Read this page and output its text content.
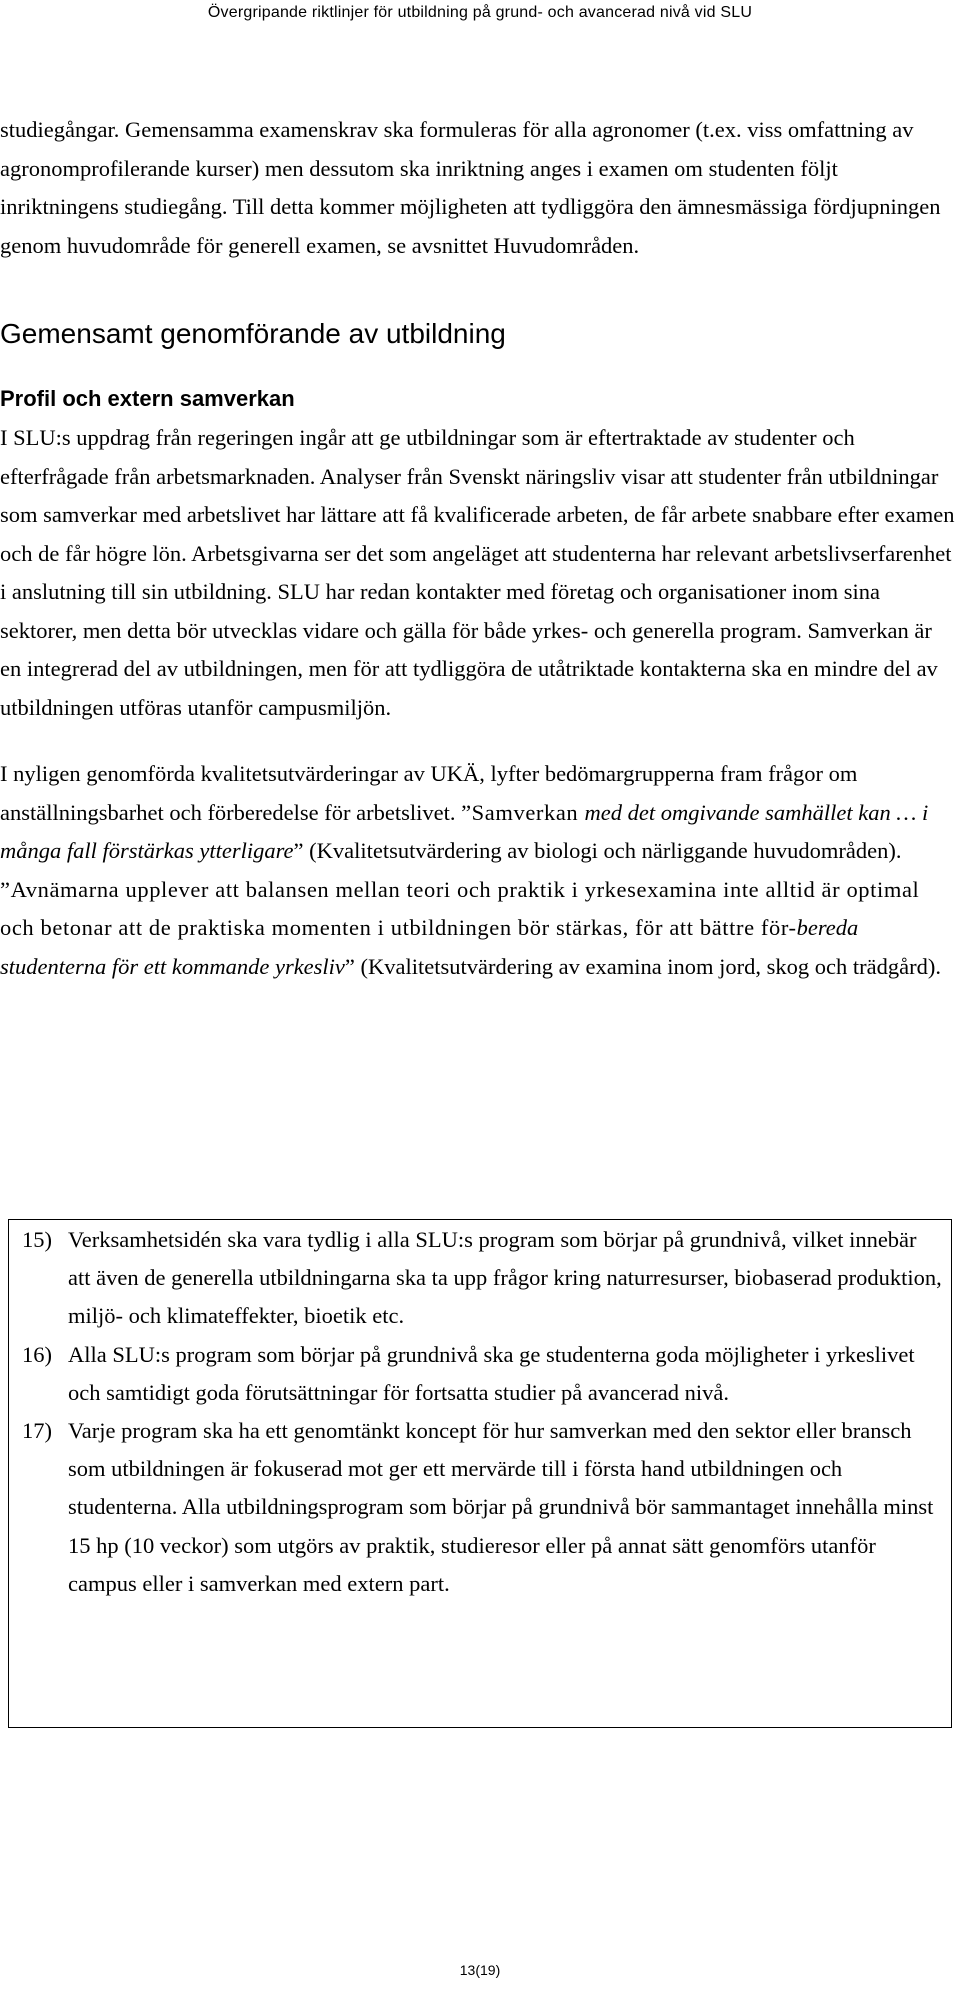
Övergripande riktlinjer för utbildning på grund- och avancerad nivå vid SLU

studiegångar. Gemensamma examenskrav ska formuleras för alla agronomer (t.ex. viss omfattning av agronomprofilerande kurser) men dessutom ska inriktning anges i examen om studenten följt inriktningens studiegång. Till detta kommer möjligheten att tydliggöra den ämnesmässiga fördjupningen genom huvudområde för generell examen, se avsnittet Huvudområden.

Gemensamt genomförande av utbildning
Profil och extern samverkan

I SLU:s uppdrag från regeringen ingår att ge utbildningar som är eftertraktade av studenter och efterfrågade från arbetsmarknaden. Analyser från Svenskt näringsliv visar att studenter från utbildningar som samverkar med arbetslivet har lättare att få kvalificerade arbeten, de får arbete snabbare efter examen och de får högre lön. Arbetsgivarna ser det som angeläget att studenterna har relevant arbetslivserfarenhet i anslutning till sin utbildning. SLU har redan kontakter med företag och organisationer inom sina sektorer, men detta bör utvecklas vidare och gälla för både yrkes- och generella program. Samverkan är en integrerad del av utbildningen, men för att tydliggöra de utåtriktade kontakterna ska en mindre del av utbildningen utföras utanför campusmiljön.

I nyligen genomförda kvalitetsutvärderingar av UKÄ, lyfter bedömargrupperna fram frågor om anställningsbarhet och förberedelse för arbetslivet. ”Samverkan med det omgivande samhället kan … i många fall förstärkas ytterligare” (Kvalitetsutvärdering av biologi och närliggande huvudområden). ”Avnämarna upplever att balansen mellan teori och praktik i yrkesexamina inte alltid är optimal och betonar att de praktiska momenten i utbildningen bör stärkas, för att bättre för-bereda studenterna för ett kommande yrkesliv” (Kvalitetsutvärdering av examina inom jord, skog och trädgård).

15) Verksamhetsidén ska vara tydlig i alla SLU:s program som börjar på grundnivå, vilket innebär att även de generella utbildningarna ska ta upp frågor kring naturresurser, biobaserad produktion, miljö- och klimateffekter, bioetik etc.
16) Alla SLU:s program som börjar på grundnivå ska ge studenterna goda möjligheter i yrkeslivet och samtidigt goda förutsättningar för fortsatta studier på avancerad nivå.
17) Varje program ska ha ett genomtänkt koncept för hur samverkan med den sektor eller bransch som utbildningen är fokuserad mot ger ett mervärde till i första hand utbildningen och studenterna. Alla utbildningsprogram som börjar på grundnivå bör sammantaget innehålla minst 15 hp (10 veckor) som utgörs av praktik, studieresor eller på annat sätt genomförs utanför campus eller i samverkan med extern part.
13(19)
